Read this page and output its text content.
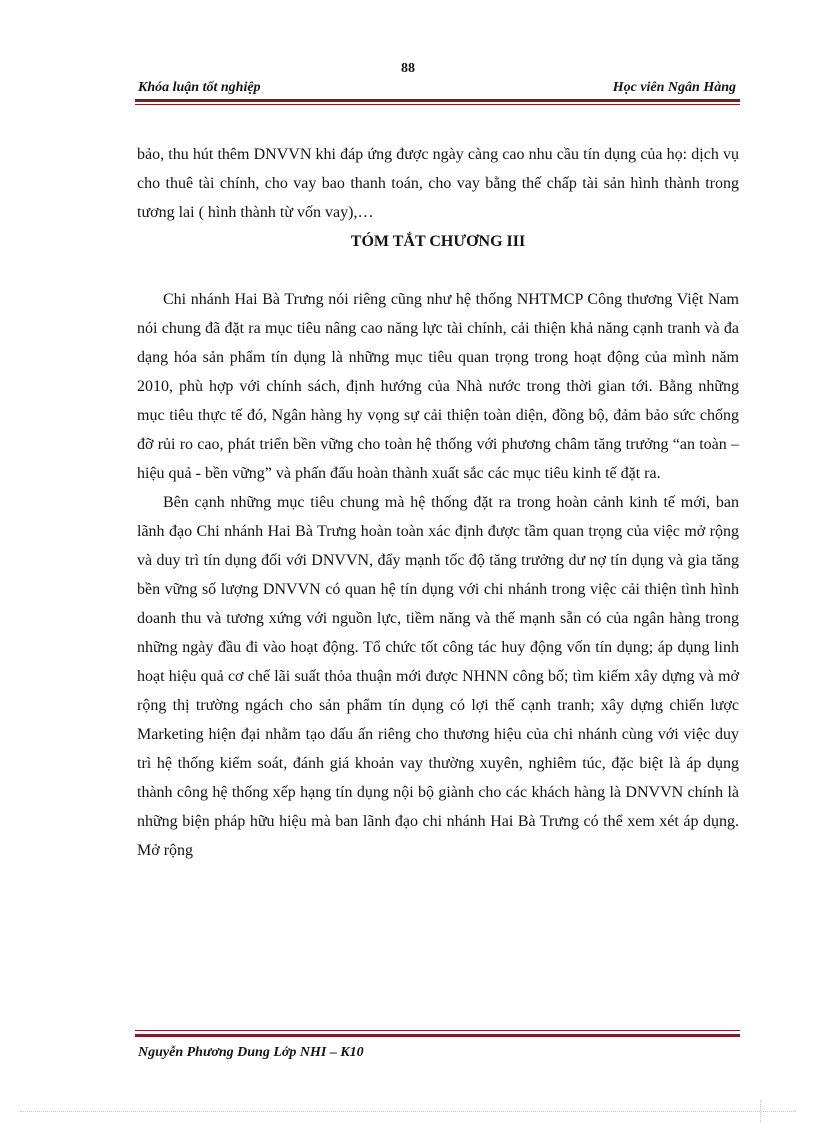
88
Khóa luận tốt nghiệp	Học viên Ngân Hàng

bảo, thu hút thêm DNVVN khi đáp ứng được ngày càng cao nhu cầu tín dụng của họ: dịch vụ cho thuê tài chính, cho vay bao thanh toán, cho vay bằng thế chấp tài sản hình thành trong tương lai ( hình thành từ vốn vay),…

TÓM TẮT CHƯƠNG III

Chi nhánh Hai Bà Trưng nói riêng cũng như hệ thống NHTMCP Công thương Việt Nam nói chung đã đặt ra mục tiêu nâng cao năng lực tài chính, cải thiện khả năng cạnh tranh và đa dạng hóa sản phẩm tín dụng là những mục tiêu quan trọng trong hoạt động của mình năm 2010, phù hợp với chính sách, định hướng của Nhà nước trong thời gian tới. Bằng những mục tiêu thực tế đó, Ngân hàng hy vọng sự cải thiện toàn diện, đồng bộ, đảm bảo sức chống đỡ rủi ro cao, phát triển bền vững cho toàn hệ thống với phương châm tăng trưởng “an toàn – hiệu quả - bền vững” và phấn đấu hoàn thành xuất sắc các mục tiêu kinh tế đặt ra.

Bên cạnh những mục tiêu chung mà hệ thống đặt ra trong hoàn cảnh kinh tế mới, ban lãnh đạo Chi nhánh Hai Bà Trưng hoàn toàn xác định được tầm quan trọng của việc mở rộng và duy trì tín dụng đối với DNVVN, đẩy mạnh tốc độ tăng trưởng dư nợ tín dụng và gia tăng bền vững số lượng DNVVN có quan hệ tín dụng với chi nhánh trong việc cải thiện tình hình doanh thu và tương xứng với nguồn lực, tiềm năng và thế mạnh sẵn có của ngân hàng trong những ngày đầu đi vào hoạt động. Tổ chức tốt công tác huy động vốn tín dụng; áp dụng linh hoạt hiệu quả cơ chế lãi suất thỏa thuận mới được NHNN công bố; tìm kiếm xây dựng và mở rộng thị trường ngách cho sản phẩm tín dụng có lợi thế cạnh tranh; xây dựng chiến lược Marketing hiện đại nhằm tạo dấu ấn riêng cho thương hiệu của chi nhánh cùng với việc duy trì hệ thống kiểm soát, đánh giá khoản vay thường xuyên, nghiêm túc, đặc biệt là áp dụng thành công hệ thống xếp hạng tín dụng nội bộ giành cho các khách hàng là DNVVN chính là những biện pháp hữu hiệu mà ban lãnh đạo chi nhánh Hai Bà Trưng có thể xem xét áp dụng. Mở rộng

Nguyễn Phương Dung Lớp NHI – K10
